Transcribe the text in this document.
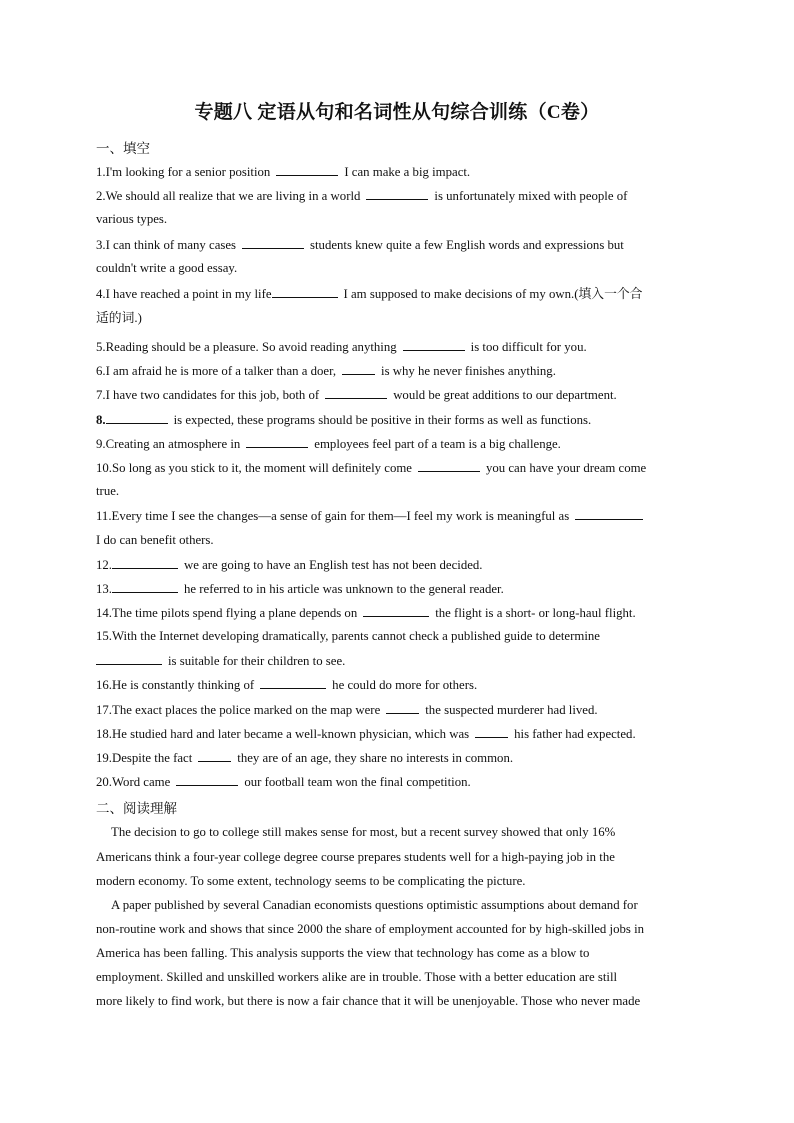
专题八 定语从句和名词性从句综合训练（C卷）
一、填空
1.I'm looking for a senior position	I can make a big impact.
2.We should all realize that we are living in a world	is unfortunately mixed with people of
various types.
3.I can think of many cases	students knew quite a few English words and expressions but
couldn't write a good essay.
4.I have reached a point in my life	I am supposed to make decisions of my own.(填入一个合
适的词.)
5.Reading should be a pleasure. So avoid reading anything	is too difficult for you.
6.I am afraid he is more of a talker than a doer,	is why he never finishes anything.
7.I have two candidates for this job, both of	would be great additions to our department.
8.	is expected, these programs should be positive in their forms as well as functions.
9.Creating an atmosphere in	employees feel part of a team is a big challenge.
10.So long as you stick to it, the moment will definitely come	you can have your dream come
true.
11.Every time I see the changes—a sense of gain for them—I feel my work is meaningful as
I do can benefit others.
12.	we are going to have an English test has not been decided.
13.	he referred to in his article was unknown to the general reader.
14.The time pilots spend flying a plane depends on	the flight is a short- or long-haul flight.
15.With the Internet developing dramatically, parents cannot check a published guide to determine
is suitable for their children to see.
16.He is constantly thinking of	he could do more for others.
17.The exact places the police marked on the map were	the suspected murderer had lived.
18.He studied hard and later became a well-known physician, which was	his father had expected.
19.Despite the fact	they are of an age, they share no interests in common.
20.Word came	our football team won the final competition.
二、阅读理解
The decision to go to college still makes sense for most, but a recent survey showed that only 16%
Americans think a four-year college degree course prepares students well for a high-paying job in the
modern economy. To some extent, technology seems to be complicating the picture.
A paper published by several Canadian economists questions optimistic assumptions about demand for
non-routine work and shows that since 2000 the share of employment accounted for by high-skilled jobs in
America has been falling. This analysis supports the view that technology has come as a blow to
employment. Skilled and unskilled workers alike are in trouble. Those with a better education are still
more likely to find work, but there is now a fair chance that it will be unenjoyable. Those who never made
